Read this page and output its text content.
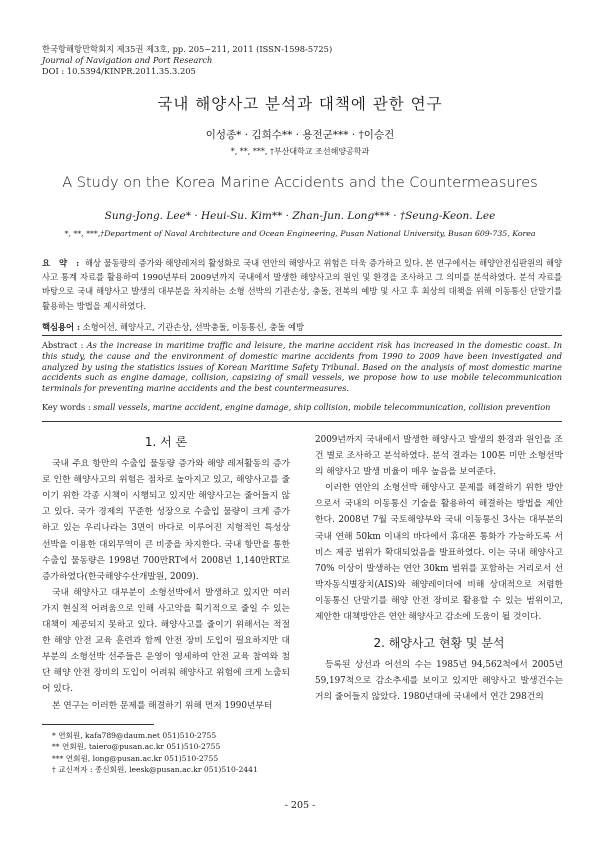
한국항해항만학회지 제35권 제3호, pp. 205~211, 2011 (ISSN-1598-5725)
Journal of Navigation and Port Research
DOI : 10.5394/KINPR.2011.35.3.205
국내 해양사고 분석과 대책에 관한 연구
이성종* · 김희수** · 용전군*** · †이승건
*, **, ***, †부산대학교 조선해양공학과
A Study on the Korea Marine Accidents and the Countermeasures
Sung-Jong. Lee* · Heui-Su. Kim** · Zhan-Jun. Long*** · †Seung-Keon. Lee
*, **, ***,†Department of Naval Architecture and Ocean Engineering, Pusan National University, Busan 609-735, Korea
요 약 : 해상 물동량의 증가와 해양레저의 활성화로 국내 연안의 해양사고 위험은 더욱 증가하고 있다. 본 연구에서는 해양안전심판원의 해양사고 통계 자료를 활용하여 1990년부터 2009년까지 국내에서 발생한 해양사고의 원인 및 환경을 조사하고 그 의미를 분석하였다. 분석 자료를 바탕으로 국내 해양사고 발생의 대부분을 차지하는 소형 선박의 기관손상, 충돌, 전복의 예방 및 사고 후 최상의 대책을 위해 이동통신 단말기를 활용하는 방법을 제시하였다.
핵심용어 : 소형어선, 해양사고, 기관손상, 선박충돌, 이동통신, 충돌 예방
Abstract : As the increase in maritime traffic and leisure, the marine accident risk has increased in the domestic coast. In this study, the cause and the environment of domestic marine accidents from 1990 to 2009 have been investigated and analyzed by using the statistics issues of Korean Maritime Safety Tribunal. Based on the analysis of most domestic marine accidents such as engine damage, collision, capsizing of small vessels, we propose how to use mobile telecommunication terminals for preventing marine accidents and the best countermeasures.
Key words : small vessels, marine accident, engine damage, ship collision, mobile telecommunication, collision prevention
1. 서 론

국내 주요 항만의 수출입 물동량 증가와 해양 레저활동의 증가로 인한 해양사고의 위험은 점차로 높아지고 있고, 해양사고를 줄이기 위한 각종 시책이 시행되고 있지만 해양사고는 줄어들지 않고 있다. 국가 경제의 꾸준한 성장으로 수출입 물량이 크게 증가하고 있는 우리나라는 3면이 바다로 이루어진 지형적인 특성상 선박을 이용한 대외무역이 큰 비중을 차지한다. 국내 항만을 통한 수출입 물동량은 1998년 700만RT에서 2008년 1,140만RT로 증가하였다(한국해양수산개발원, 2009).

국내 해양사고 대부분이 소형선박에서 발생하고 있지만 여러 가지 현실적 어려움으로 인해 사고악을 획기적으로 줄일 수 있는 대책이 제공되지 못하고 있다. 해양사고를 줄이기 위해서는 적절한 해양 안전 교육 훈련과 함께 안전 장비 도입이 필요하지만 대부분의 소형선박 선주들은 운영이 영세하여 안전 교육 참여와 첨단 해양 안전 장비의 도입이 어려워 해양사고 위험에 크게 노출되어 있다.

본 연구는 이러한 문제를 해결하기 위해 먼저 1990년부터

2009년까지 국내에서 발생한 해양사고 발생의 환경과 원인을 조건 별로 조사하고 분석하였다. 분석 결과는 100톤 미만 소형선박의 해양사고 발생 비율이 매우 높음을 보여준다.

이러한 연안의 소형선박 해양사고 문제를 해결하기 위한 방안으로서 국내의 이동통신 기술을 활용하여 해결하는 방법을 제안한다. 2008년 7월 국토해양부와 국내 이동통신 3사는 대부분의 국내 연해 50km 이내의 바다에서 휴대폰 통화가 가능하도록 서비스 제공 범위가 확대되었음을 발표하였다. 이는 국내 해양사고 70% 이상이 발생하는 연안 30km 범위를 포함하는 거리로서 선박자동식별장치(AIS)와 해양레이더에 비해 상대적으로 저렴한 이동통신 단말기를 해양 안전 장비로 활용할 수 있는 범위이고, 제안한 대책방안은 연안 해양사고 감소에 도움이 될 것이다.

2. 해양사고 현황 및 분석

등록된 상선과 어선의 수는 1985년 94,562척에서 2005년 59,197척으로 감소추세를 보이고 있지만 해양사고 발생건수는 거의 줄어들지 않았다. 1980년대에 국내에서 연간 298건의

* 연회원, kafa789@daum.net 051)510-2755
** 연회원, taiero@pusan.ac.kr 051)510-2755
*** 연회원, long@pusan.ac.kr 051)510-2755
† 교신저자 : 종신회원, leesk@pusan.ac.kr 051)510-2441
- 205 -
